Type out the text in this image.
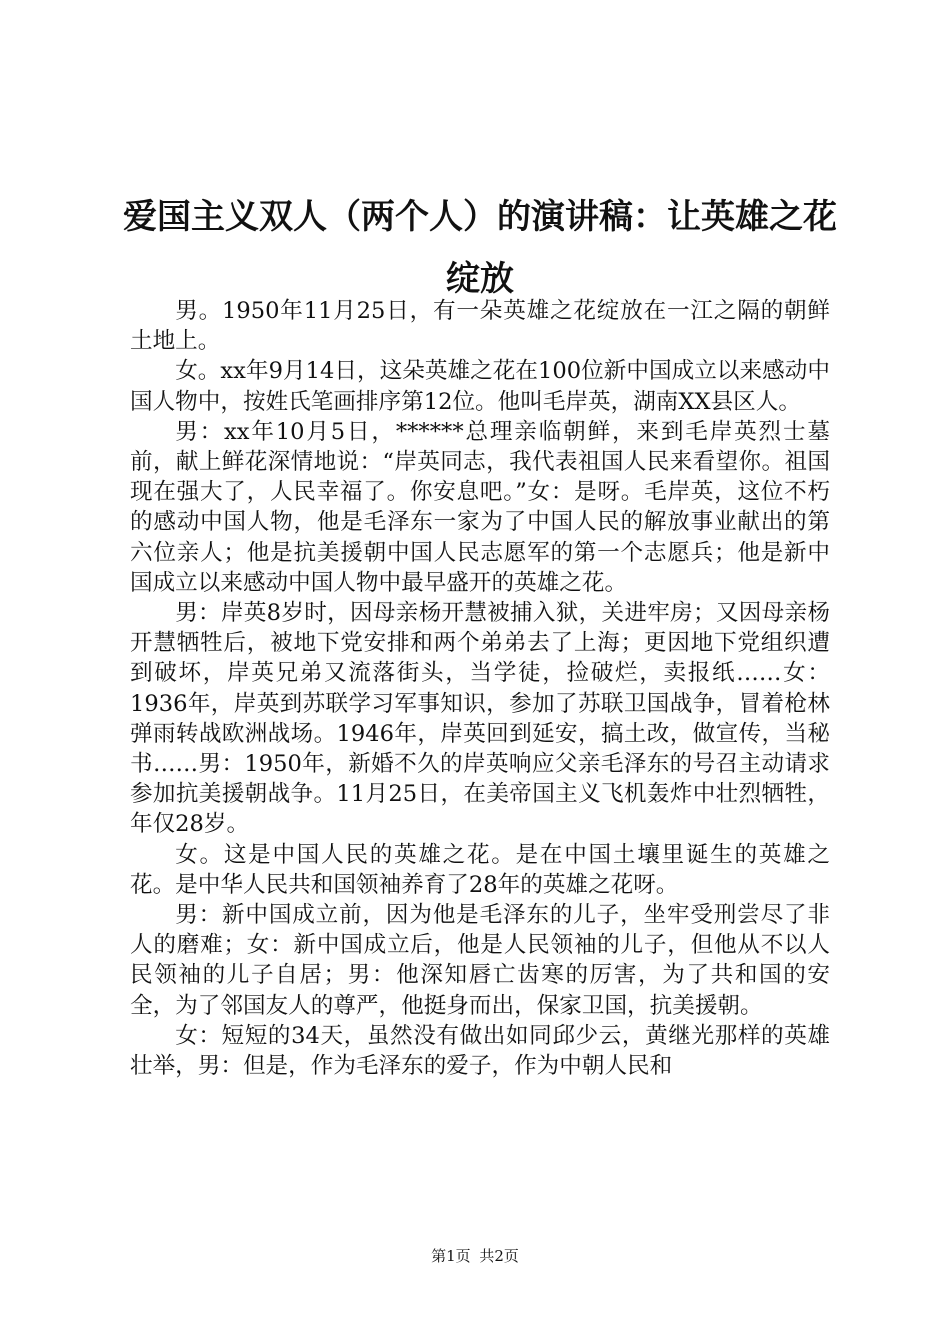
爱国主义双人（两个人）的演讲稿：让英雄之花绽放

男。1950年11月25日，有一朵英雄之花绽放在一江之隔的朝鲜土地上。

女。xx年9月14日，这朵英雄之花在100位新中国成立以来感动中国人物中，按姓氏笔画排序第12位。他叫毛岸英，湖南XX县区人。

男：xx年10月5日，******总理亲临朝鲜，来到毛岸英烈士墓前，献上鲜花深情地说：“岸英同志，我代表祖国人民来看望你。祖国现在强大了，人民幸福了。你安息吧。”女：是呀。毛岸英，这位不朽的感动中国人物，他是毛泽东一家为了中国人民的解放事业献出的第六位亲人；他是抗美援朝中国人民志愿军的第一个志愿兵；他是新中国成立以来感动中国人物中最早盛开的英雄之花。

男：岸英8岁时，因母亲杨开慧被捕入狱，关进牢房；又因母亲杨开慧牺牲后，被地下党安排和两个弟弟去了上海；更因地下党组织遭到破坏，岸英兄弟又流落街头，当学徒，捡破烂，卖报纸……女：1936年，岸英到苏联学习军事知识，参加了苏联卫国战争，冒着枪林弹雨转战欧洲战场。1946年，岸英回到延安，搞土改，做宣传，当秘书……男：1950年，新婚不久的岸英响应父亲毛泽东的号召主动请求参加抗美援朝战争。11月25日，在美帝国主义飞机轰炸中壮烈牺牲，年仅28岁。

女。这是中国人民的英雄之花。是在中国土壤里诞生的英雄之花。是中华人民共和国领袖养育了28年的英雄之花呀。

男：新中国成立前，因为他是毛泽东的儿子，坐牢受刑尝尽了非人的磨难；女：新中国成立后，他是人民领袖的儿子，但他从不以人民领袖的儿子自居；男：他深知唇亡齿寒的厉害，为了共和国的安全，为了邻国友人的尊严，他挺身而出，保家卫国，抗美援朝。

女：短短的34天，虽然没有做出如同邱少云，黄继光那样的英雄壮举，男：但是，作为毛泽东的爱子，作为中朝人民和

第1页 共2页
